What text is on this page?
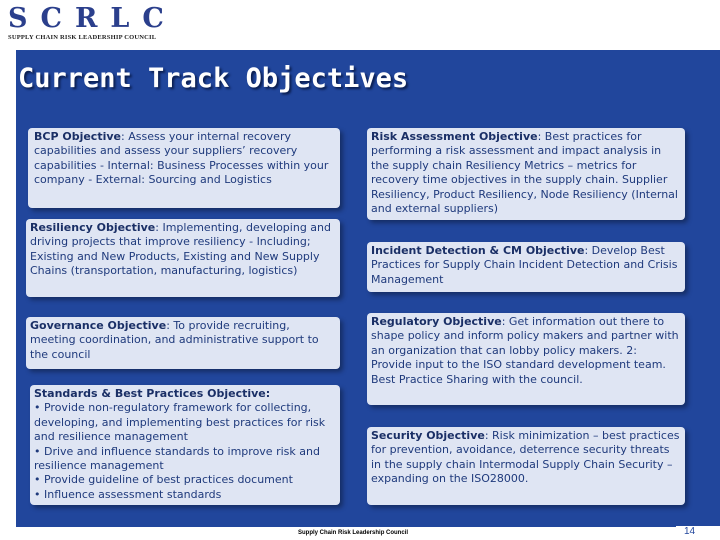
SCRLC
SUPPLY CHAIN RISK LEADERSHIP COUNCIL
Current Track Objectives
BCP Objective: Assess your internal recovery capabilities and assess your suppliers’ recovery capabilities - Internal: Business Processes within your company - External: Sourcing and Logistics
Resiliency Objective: Implementing, developing and driving projects that improve resiliency - Including; Existing and New Products, Existing and New Supply Chains (transportation, manufacturing, logistics)
Governance Objective: To provide recruiting, meeting coordination, and administrative support to the council
Standards & Best Practices Objective:
• Provide non-regulatory framework for collecting, developing, and implementing best practices for risk and resilience management
• Drive and influence standards to improve risk and resilience management
• Provide guideline of best practices document
• Influence assessment standards
Risk Assessment Objective: Best practices for performing a risk assessment and impact analysis in the supply chain Resiliency Metrics – metrics for recovery time objectives in the supply chain. Supplier Resiliency, Product Resiliency, Node Resiliency (Internal and external suppliers)
Incident Detection & CM Objective: Develop Best Practices for Supply Chain Incident Detection and Crisis Management
Regulatory Objective: Get information out there to shape policy and inform policy makers and partner with an organization that can lobby policy makers. 2: Provide input to the ISO standard development team. Best Practice Sharing with the council.
Security Objective: Risk minimization – best practices for prevention, avoidance, deterrence security threats in the supply chain Intermodal Supply Chain Security – expanding on the ISO28000.
Supply Chain Risk Leadership Council	14
